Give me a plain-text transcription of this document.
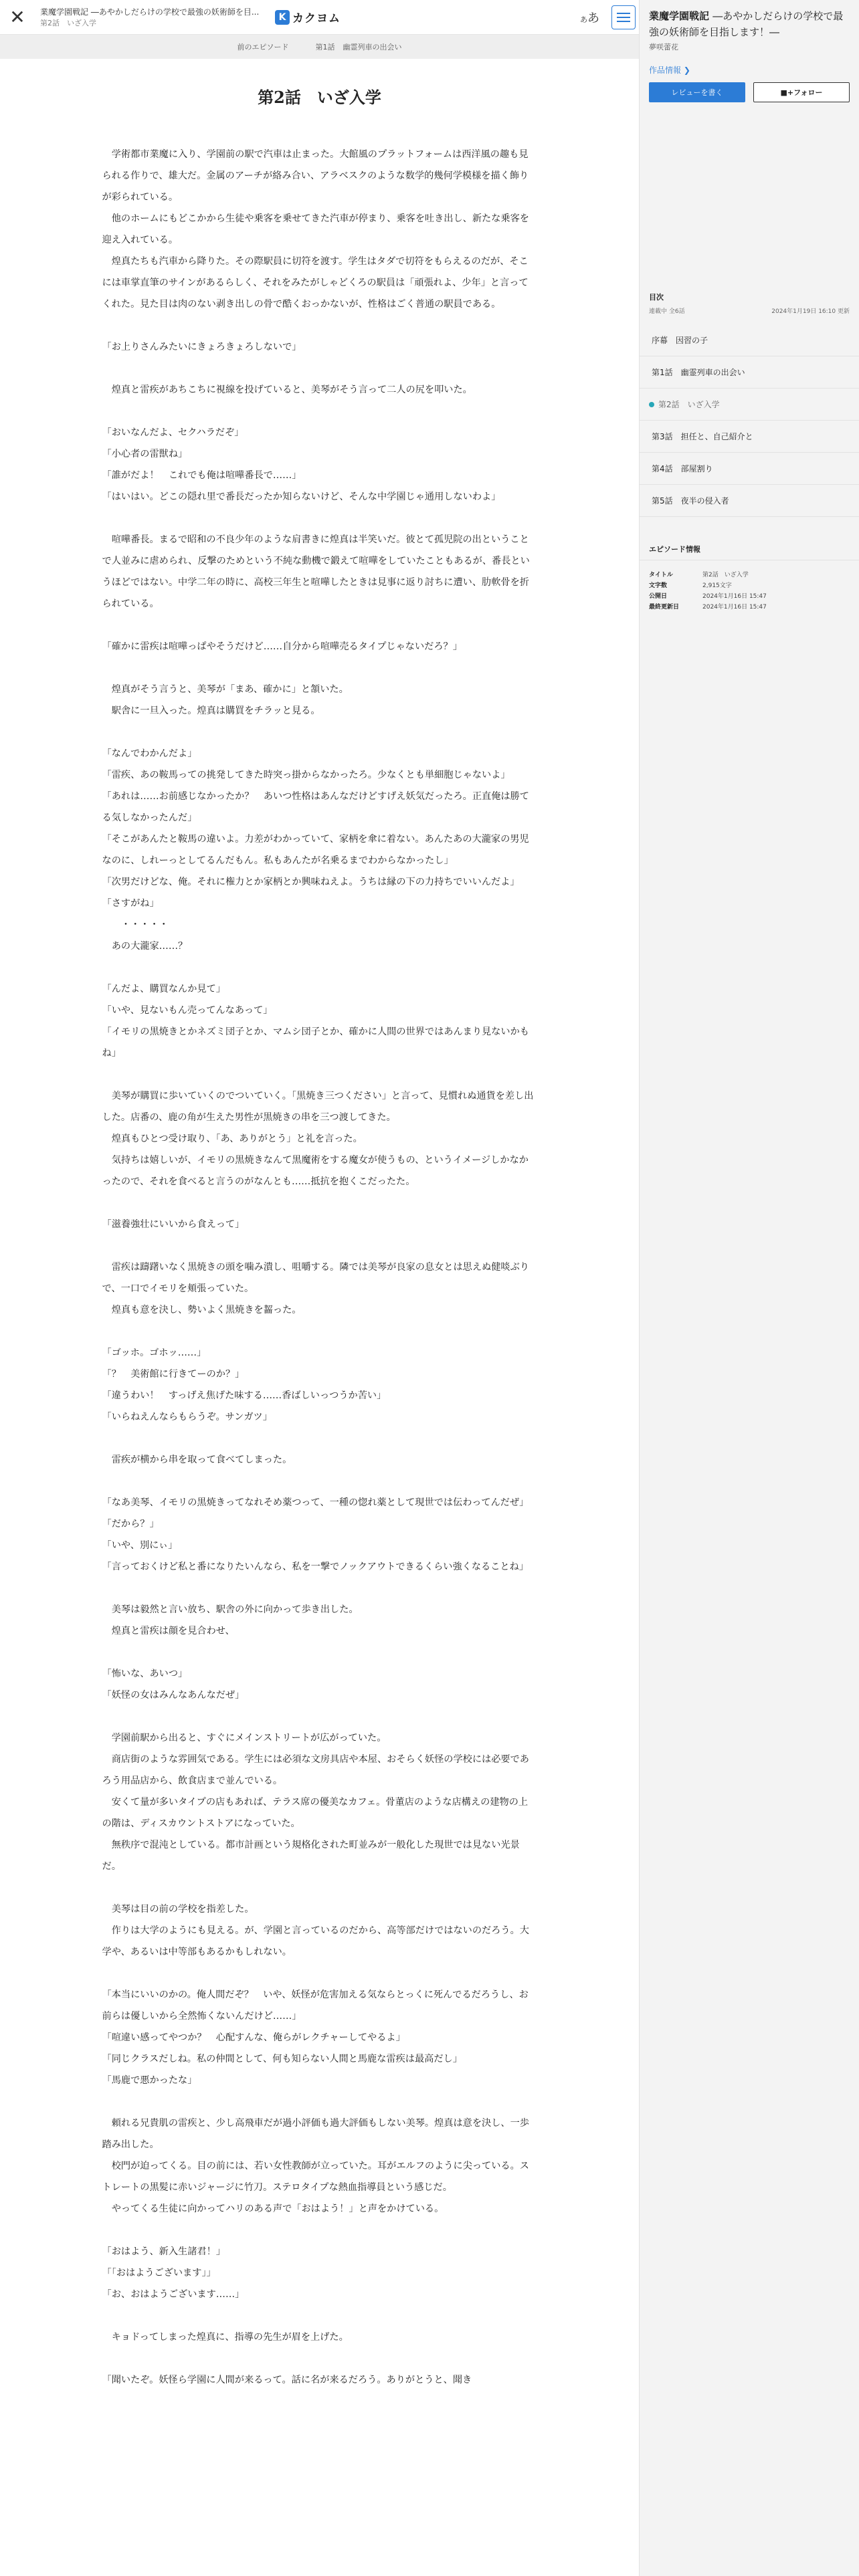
✕	業魔学園戦記 ―あやかしだらけの学校で最強の妖術師を目...
第2話　いざ入学
K カクヨム	ああ
前のエピソード	第1話 幽霊列車の出会い
第2話　いざ入学

　学術都市業魔に入り、学園前の駅で汽車は止まった。大館風のプラットフォームは西洋風の趣も見られる作りで、雄大だ。金属のアーチが絡み合い、アラベスクのような数学的幾何学模様を描く飾りが彩られている。

　他のホームにもどこかから生徒や乗客を乗せてきた汽車が停まり、乗客を吐き出し、新たな乗客を迎え入れている。

　煌真たちも汽車から降りた。その際駅員に切符を渡す。学生はタダで切符をもらえるのだが、そこには車掌直筆のサインがあるらしく、それをみたがしゃどくろの駅員は「頑張れよ、少年」と言ってくれた。見た目は肉のない剥き出しの骨で酷くおっかないが、性格はごく普通の駅員である。

「お上りさんみたいにきょろきょろしないで」

　煌真と雷疾があちこちに視線を投げていると、美琴がそう言って二人の尻を叩いた。

「おいなんだよ、セクハラだぞ」

「小心者の雷獣ね」

「誰がだよ！　これでも俺は喧嘩番長で……」

「はいはい。どこの隠れ里で番長だったか知らないけど、そんな中学園じゃ通用しないわよ」

　喧嘩番長。まるで昭和の不良少年のような肩書きに煌真は半笑いだ。彼とて孤児院の出ということで人並みに虐められ、反撃のためという不純な動機で鍛えて喧嘩をしていたこともあるが、番長というほどではない。中学二年の時に、高校三年生と喧嘩したときは見事に返り討ちに遭い、肋軟骨を折られている。

「確かに雷疾は喧嘩っぱやそうだけど……自分から喧嘩売るタイプじゃないだろ？」

　煌真がそう言うと、美琴が「まあ、確かに」と頷いた。

　駅舎に一旦入った。煌真は購買をチラッと見る。

「なんでわかんだよ」

「雷疾、あの鞍馬っての挑発してきた時突っ掛からなかったろ。少なくとも単細胞じゃないよ」

「あれは……お前感じなかったか？　あいつ性格はあんなだけどすげえ妖気だったろ。正直俺は勝てる気しなかったんだ」

「そこがあんたと鞍馬の違いよ。力差がわかっていて、家柄を傘に着ない。あんたあの大瀧家の男児なのに、しれーっとしてるんだもん。私もあんたが名乗るまでわからなかったし」

「次男だけどな、俺。それに権力とか家柄とか興味ねえよ。うちは縁の下の力持ちでいいんだよ」

「さすがね」

　　・・・・・

　あの大瀧家……？

「んだよ、購買なんか見て」

「いや、見ないもん売ってんなあって」

「イモリの黒焼きとかネズミ団子とか、マムシ団子とか、確かに人間の世界ではあんまり見ないかもね」

　美琴が購買に歩いていくのでついていく。「黒焼き三つください」と言って、見慣れぬ通貨を差し出した。店番の、鹿の角が生えた男性が黒焼きの串を三つ渡してきた。

　煌真もひとつ受け取り、「あ、ありがとう」と礼を言った。

　気持ちは嬉しいが、イモリの黒焼きなんて黒魔術をする魔女が使うもの、というイメージしかなかったので、それを食べると言うのがなんとも……抵抗を抱くこだったた。

「滋養強壮にいいから食えって」

　雷疾は躊躇いなく黒焼きの頭を噛み潰し、咀嚼する。隣では美琴が良家の息女とは思えぬ健啖ぶりで、一口でイモリを頬張っていた。

　煌真も意を決し、勢いよく黒焼きを齧った。

「ゴッホ。ゴホッ……」

「？　美術館に行きてーのか？」

「違うわい！　すっげえ焦げた味する……香ばしいっつうか苦い」

「いらねえんならもらうぞ。サンガツ」

　雷疾が横から串を取って食べてしまった。

「なあ美琴、イモリの黒焼きってなれそめ薬つって、一種の惚れ薬として現世では伝わってんだぜ」

「だから？」

「いや、別にぃ」

「言っておくけど私と番になりたいんなら、私を一撃でノックアウトできるくらい強くなることね」

　美琴は毅然と言い放ち、駅舎の外に向かって歩き出した。

　煌真と雷疾は顔を見合わせ、

「怖いな、あいつ」

「妖怪の女はみんなあんなだぜ」

　学園前駅から出ると、すぐにメインストリートが広がっていた。

　商店街のような雰囲気である。学生には必須な文房具店や本屋、おそらく妖怪の学校には必要であろう用品店から、飲食店まで並んでいる。

　安くて量が多いタイプの店もあれば、テラス席の優美なカフェ。骨董店のような店構えの建物の上の階は、ディスカウントストアになっていた。

　無秩序で混沌としている。都市計画という規格化された町並みが一般化した現世では見ない光景だ。

　美琴は目の前の学校を指差した。

　作りは大学のようにも見える。が、学園と言っているのだから、高等部だけではないのだろう。大学や、あるいは中等部もあるかもしれない。

「本当にいいのかの。俺人間だぞ？　いや、妖怪が危害加える気ならとっくに死んでるだろうし、お前らは優しいから全然怖くないんだけど……」

「喧違い感ってやつか？　心配すんな、俺らがレクチャーしてやるよ」

「同じクラスだしね。私の仲間として、何も知らない人間と馬鹿な雷疾は最高だし」

「馬鹿で悪かったな」

　頼れる兄貴肌の雷疾と、少し高飛車だが過小評価も過大評価もしない美琴。煌真は意を決し、一歩踏み出した。

　校門が迫ってくる。目の前には、若い女性教師が立っていた。耳がエルフのように尖っている。ストレートの黒髪に赤いジャージに竹刀。ステロタイプな熱血指導員という感じだ。

　やってくる生徒に向かってハリのある声で「おはよう！」と声をかけている。

「おはよう、新入生諸君！」

「「おはようございます」」

「お、おはようございます……」

　キョドってしまった煌真に、指導の先生が眉を上げた。

「聞いたぞ。妖怪ら学園に人間が来るって。話に名が来るだろう。ありがとうと、聞き

業魔学園戦記 ―あやかしだらけの学校で最強の妖術師を目指します！―
夢咲蕾花
作品情報 ❯
レビューを書く	■ + フォロー
目次
連載中 全6話	2024年1月19日 16:10 更新
序幕　因習の子
第1話　幽霊列車の出会い
第2話　いざ入学
第3話　担任と、自己紹介と
第4話　部屋割り
第5話　夜半の侵入者
エピソード情報
タイトル	第2話　いざ入学
文字数	2,915文字
公開日	2024年1月16日 15:47
最終更新日	2024年1月16日 15:47
